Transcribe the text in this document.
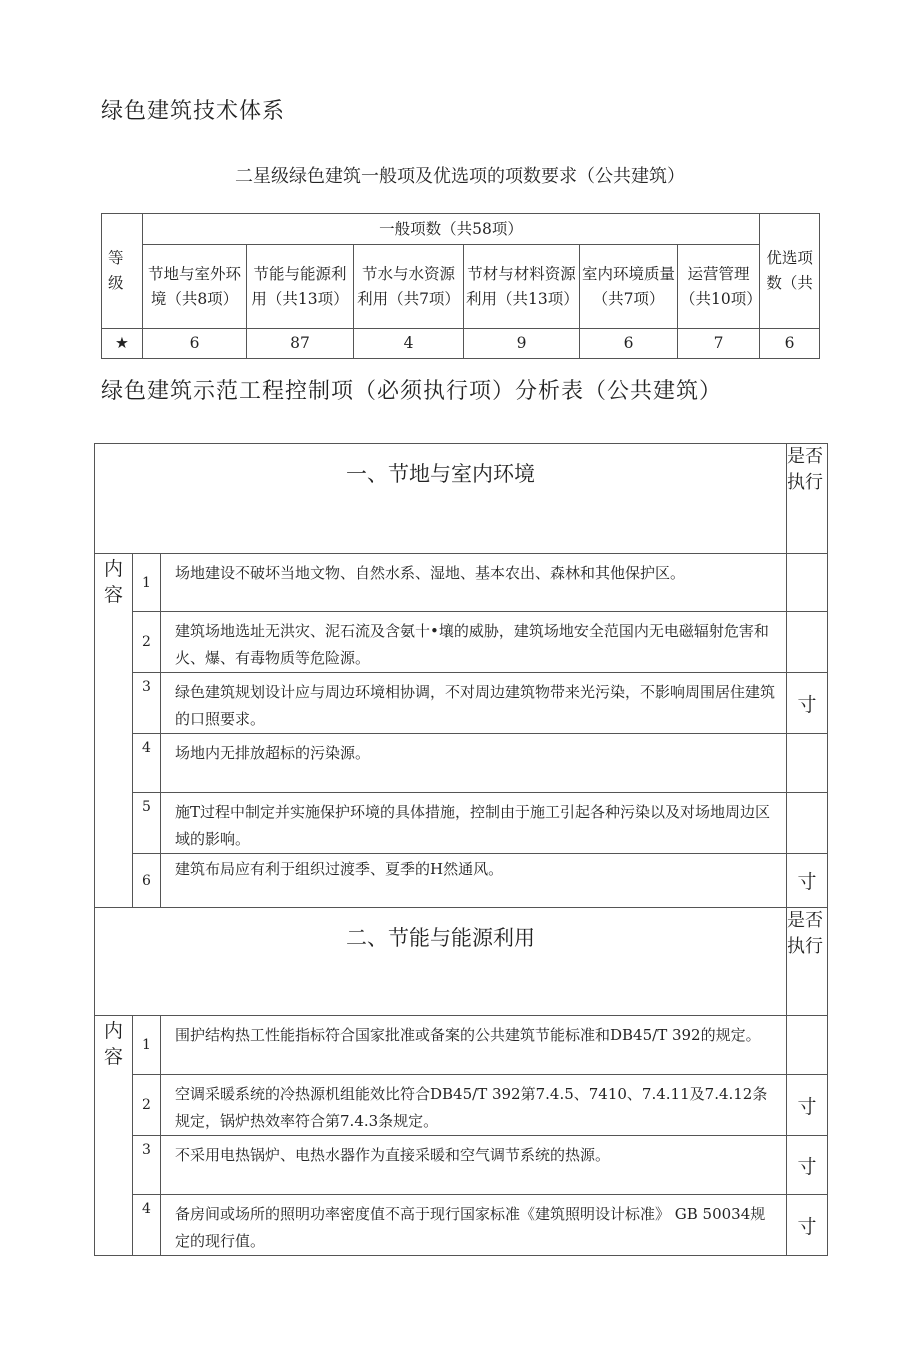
绿色建筑技术体系
二星级绿色建筑一般项及优选项的项数要求（公共建筑）
等级	一般项数（共58项）						优选项数（共
	节地与室外环境（共8项）	节能与能源利用（共13项）	节水与水资源利用（共7项）	节材与材料资源利用（共13项）	室内环境质量（共7项）	运营管理（共10项）	
★	6	87	4	9	6	7	6
绿色建筑示范工程控制项（必须执行项）分析表（公共建筑）
一、节地与室内环境			是否执行
内容	1	场地建设不破坏当地文物、自然水系、湿地、基本农出、森林和其他保护区。	
	2	建筑场地选址无洪灾、泥石流及含氨十•壤的威胁，建筑场地安全范国内无电磁辐射危害和火、爆、有毒物质等危险源。	
	3	绿色建筑规划设计应与周边环境相协调，不对周边建筑物带来光污染，不影响周围居住建筑的口照要求。	寸
	4	场地内无排放超标的污染源。	
	5	施T过程中制定并实施保护环境的具体措施，控制由于施工引起各种污染以及对场地周边区域的影响。	
	6	建筑布局应有利于组织过渡季、夏季的H然通风。	寸
二、节能与能源利用			是否执行
内容	1	围护结构热工性能指标符合国家批准或备案的公共建筑节能标准和DB45/T 392的规定。	
	2	空调采暖系统的冷热源机组能效比符合DB45/T 392第7.4.5、7410、7.4.11及7.4.12条规定，锅炉热效率符合第7.4.3条规定。	寸
	3	不采用电热锅炉、电热水器作为直接采暖和空气调节系统的热源。	寸
	4	备房间或场所的照明功率密度值不高于现行国家标准《建筑照明设计标准》 GB 50034规定的现行值。	寸
